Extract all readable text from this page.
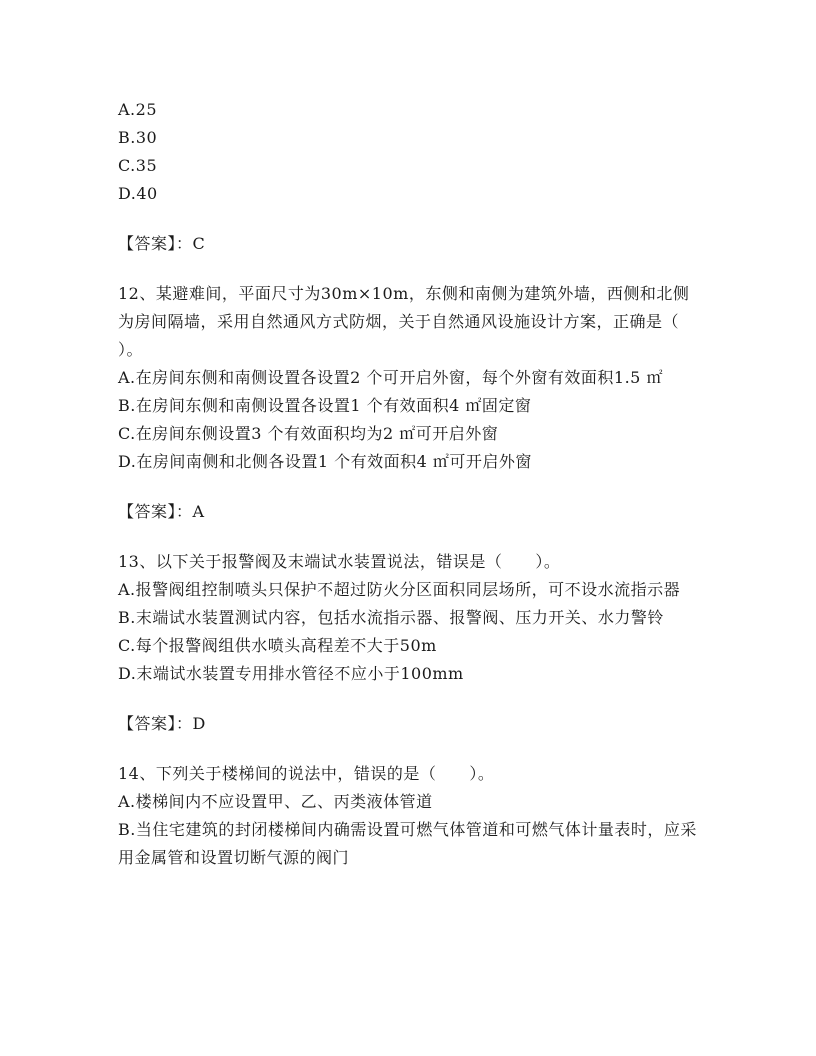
A.25
B.30
C.35
D.40
【答案】：C
12、某避难间，平面尺寸为30m×10m，东侧和南侧为建筑外墙，西侧和北侧为房间隔墙，采用自然通风方式防烟，关于自然通风设施设计方案，正确是（　　）。
A.在房间东侧和南侧设置各设置2 个可开启外窗，每个外窗有效面积1.5 ㎡
B.在房间东侧和南侧设置各设置1 个有效面积4 ㎡固定窗
C.在房间东侧设置3 个有效面积均为2 ㎡可开启外窗
D.在房间南侧和北侧各设置1 个有效面积4 ㎡可开启外窗
【答案】：A
13、以下关于报警阀及末端试水装置说法，错误是（　　）。
A.报警阀组控制喷头只保护不超过防火分区面积同层场所，可不设水流指示器
B.末端试水装置测试内容，包括水流指示器、报警阀、压力开关、水力警铃
C.每个报警阀组供水喷头高程差不大于50m
D.末端试水装置专用排水管径不应小于100mm
【答案】：D
14、下列关于楼梯间的说法中，错误的是（　　）。
A.楼梯间内不应设置甲、乙、丙类液体管道
B.当住宅建筑的封闭楼梯间内确需设置可燃气体管道和可燃气体计量表时，应采用金属管和设置切断气源的阀门
